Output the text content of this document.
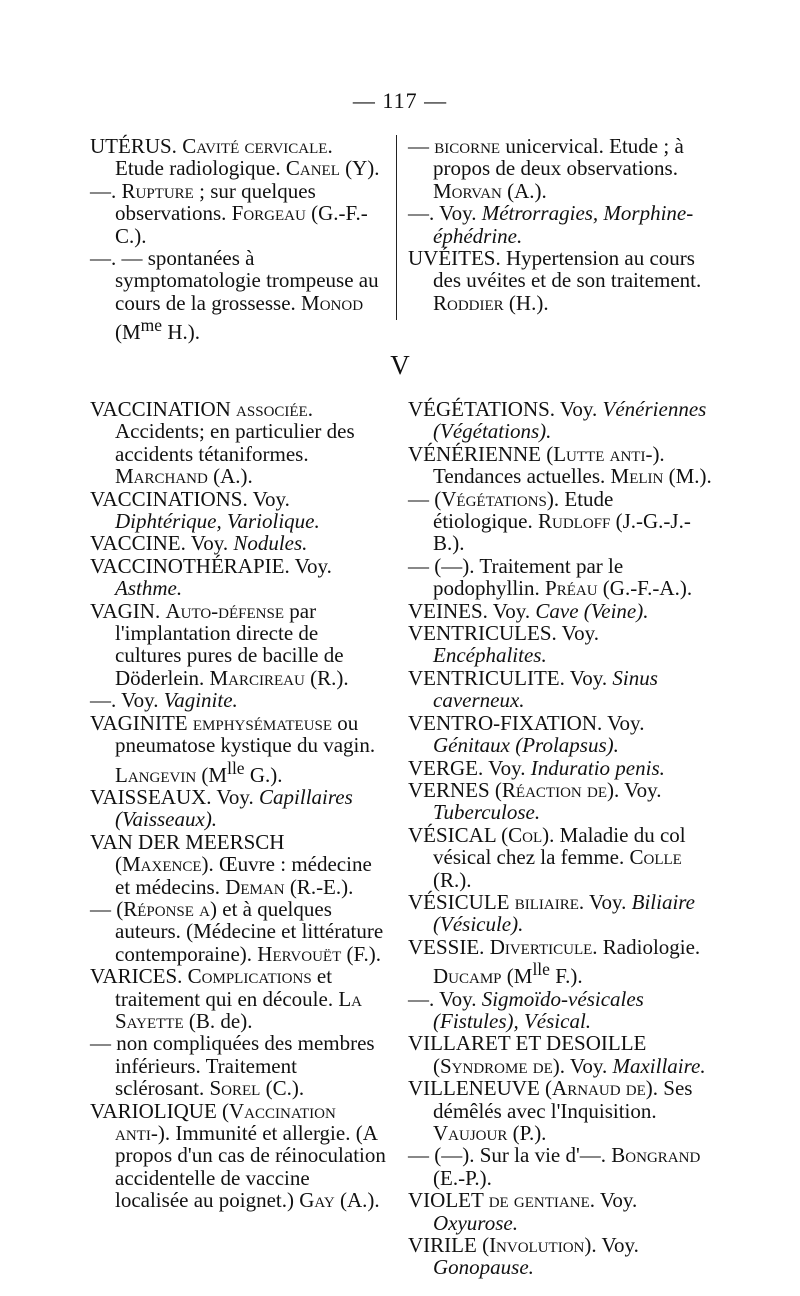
— 117 —

UTÉRUS. Cavité cervicale. Etude radiologique. Canel (Y).

—. Rupture ; sur quelques observations. Forgeau (G.-F.-C.).

—. — spontanées à symptomatologie trompeuse au cours de la grossesse. Monod ($M^{me}$ H.).

— bicorne unicervical. Etude ; à propos de deux observations. Morvan (A.).

—. Voy. Métrorragies, Morphine-éphédrine.

UVÉITES. Hypertension au cours des uvéites et de son traitement. Roddier (H.).

V

VACCINATION associée. Accidents; en particulier des accidents tétaniformes. Marchand (A.).

VACCINATIONS. Voy. Diphtérique, Variolique.

VACCINE. Voy. Nodules.

VACCINOTHÉRAPIE. Voy. Asthme.

VAGIN. Auto-défense par l'implantation directe de cultures pures de bacille de Döderlein. Marcireau (R.).

—. Voy. Vaginite.

VAGINITE emphysémateuse ou pneumatose kystique du vagin. Langevin ($M^{lle}$ G.).

VAISSEAUX. Voy. Capillaires (Vaisseaux).

VAN DER MEERSCH (Maxence). Œuvre : médecine et médecins. Deman (R.-E.).

— (Réponse a) et à quelques auteurs. (Médecine et littérature contemporaine). Hervouët (F.).

VARICES. Complications et traitement qui en découle. La Sayette (B. de).

— non compliquées des membres inférieurs. Traitement sclérosant. Sorel (C.).

VARIOLIQUE (Vaccination anti-). Immunité et allergie. (A propos d'un cas de réinoculation accidentelle de vaccine localisée au poignet.) Gay (A.).

VÉGÉTATIONS. Voy. Vénériennes (Végétations).

VÉNÉRIENNE (Lutte anti-). Tendances actuelles. Melin (M.).

— (Végétations). Etude étiologique. Rudloff (J.-G.-J.-B.).

— (—). Traitement par le podophyllin. Préau (G.-F.-A.).

VEINES. Voy. Cave (Veine).

VENTRICULES. Voy. Encéphalites.

VENTRICULITE. Voy. Sinus caverneux.

VENTRO-FIXATION. Voy. Génitaux (Prolapsus).

VERGE. Voy. Induratio penis.

VERNES (Réaction de). Voy. Tuberculose.

VÉSICAL (Col). Maladie du col vésical chez la femme. Colle (R.).

VÉSICULE biliaire. Voy. Biliaire (Vésicule).

VESSIE. Diverticule. Radiologie. Ducamp ($M^{lle}$ F.).

—. Voy. Sigmoïdo-vésicales (Fistules), Vésical.

VILLARET ET DESOILLE (Syndrome de). Voy. Maxillaire.

VILLENEUVE (Arnaud de). Ses démêlés avec l'Inquisition. Vaujour (P.).

— (—). Sur la vie d'—. Bongrand (E.-P.).

VIOLET de gentiane. Voy. Oxyurose.

VIRILE (Involution). Voy. Gonopause.
